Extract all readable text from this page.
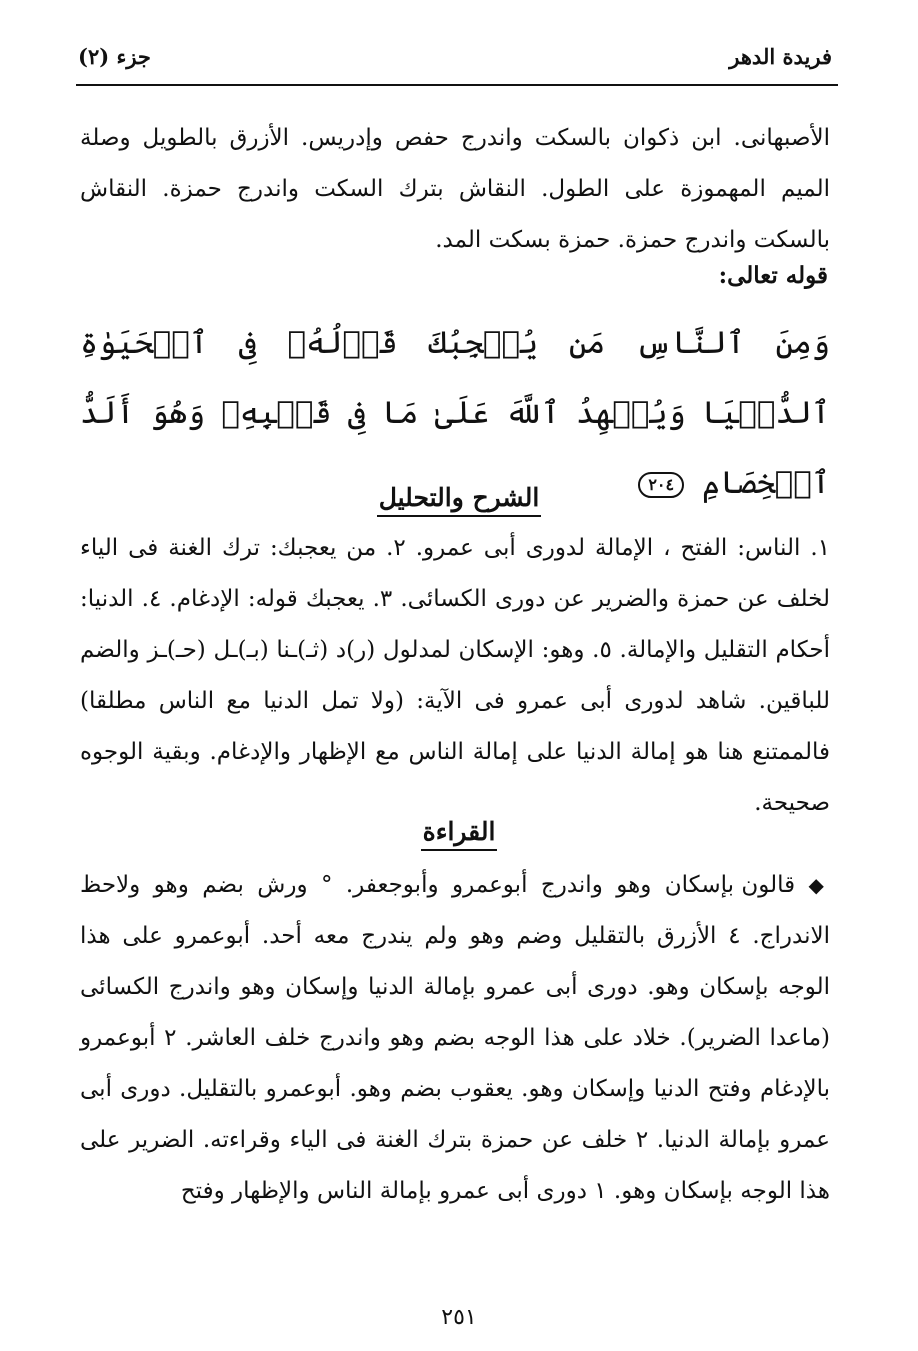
فريدة الدهر
جزء (٢)
الأصبهانى. ابن ذكوان بالسكت واندرج حفص وإدريس. الأزرق بالطويل وصلة الميم المهموزة على الطول. النقاش بترك السكت واندرج حمزة. النقاش بالسكت واندرج حمزة. حمزة بسكت المد.
قوله تعالى:
وَمِنَ ٱلنَّاسِ مَن يُعۡجِبُكَ قَوۡلُهُۥ فِى ٱلۡحَيَوٰةِ ٱلدُّنۡيَا وَيُشۡهِدُ ٱللَّهَ عَلَىٰ مَا فِى قَلۡبِهِۦ وَهُوَ أَلَدُّ ٱلۡخِصَامِ ٢٠٤
الشرح والتحليل
١. الناس: الفتح ، الإمالة لدورى أبى عمرو. ٢. من يعجبك: ترك الغنة فى الياء لخلف عن حمزة والضرير عن دورى الكسائى. ٣. يعجبك قوله: الإدغام. ٤. الدنيا: أحكام التقليل والإمالة. ٥. وهو: الإسكان لمدلول (ر)د (ثـ)ـنا (بـ)ـل (حـ)ـز والضم للباقين. شاهد لدورى أبى عمرو فى الآية: (ولا تمل الدنيا مع الناس مطلقا) فالممتنع هنا هو إمالة الدنيا على إمالة الناس مع الإظهار والإدغام. وبقية الوجوه صحيحة.
القراءة
◆ قالون بإسكان وهو واندرج أبوعمرو وأبوجعفر. ° ورش بضم وهو ولاحظ الاندراج. ٤ الأزرق بالتقليل وضم وهو ولم يندرج معه أحد. أبوعمرو على هذا الوجه بإسكان وهو. دورى أبى عمرو بإمالة الدنيا وإسكان وهو واندرج الكسائى (ماعدا الضرير). خلاد على هذا الوجه بضم وهو واندرج خلف العاشر. ٢ أبوعمرو بالإدغام وفتح الدنيا وإسكان وهو. يعقوب بضم وهو. أبوعمرو بالتقليل. دورى أبى عمرو بإمالة الدنيا. ٢ خلف عن حمزة بترك الغنة فى الياء وقراءته. الضرير على هذا الوجه بإسكان وهو. ١ دورى أبى عمرو بإمالة الناس والإظهار وفتح
٢٥١
